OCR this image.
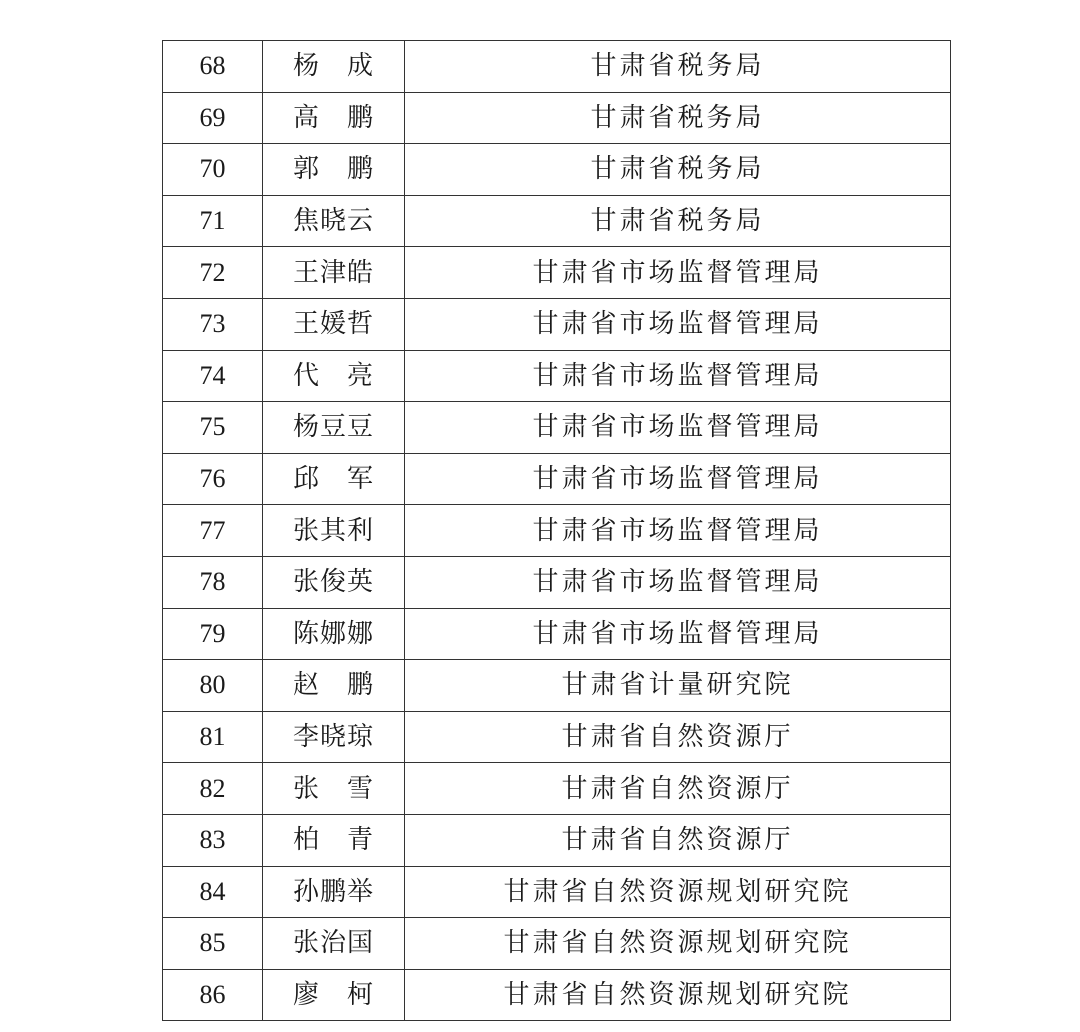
68	杨　成	甘肃省税务局
69	高　鹏	甘肃省税务局
70	郭　鹏	甘肃省税务局
71	焦晓云	甘肃省税务局
72	王津皓	甘肃省市场监督管理局
73	王媛哲	甘肃省市场监督管理局
74	代　亮	甘肃省市场监督管理局
75	杨豆豆	甘肃省市场监督管理局
76	邱　军	甘肃省市场监督管理局
77	张其利	甘肃省市场监督管理局
78	张俊英	甘肃省市场监督管理局
79	陈娜娜	甘肃省市场监督管理局
80	赵　鹏	甘肃省计量研究院
81	李晓琼	甘肃省自然资源厅
82	张　雪	甘肃省自然资源厅
83	柏　青	甘肃省自然资源厅
84	孙鹏举	甘肃省自然资源规划研究院
85	张治国	甘肃省自然资源规划研究院
86	廖　柯	甘肃省自然资源规划研究院
